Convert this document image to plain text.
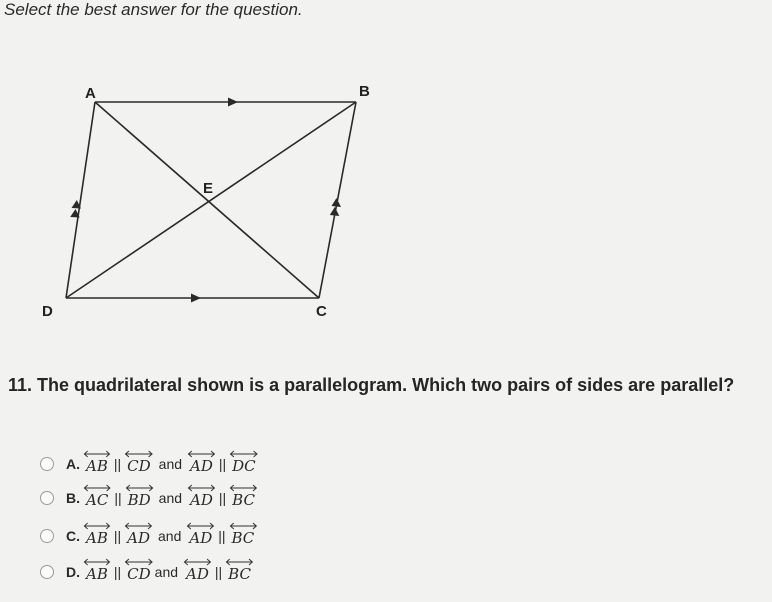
Select the best answer for the question.
A	B
C
D
E
11. The quadrilateral shown is a parallelogram. Which two pairs of sides are parallel?
A. AB || CD and AD || DC
B. AC || BD and AD || BC
C. AB || AD and AD || BC
D. AB || CD and AD || BC
